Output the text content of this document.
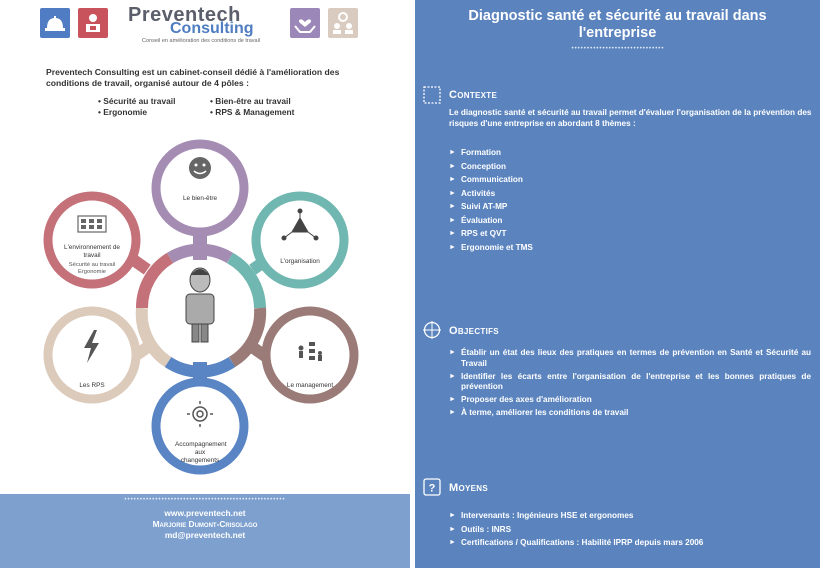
Preventech
Consulting
Conseil en amélioration des conditions de travail
Preventech Consulting est un cabinet-conseil dédié à l'amélioration des conditions de travail, organisé autour de 4 pôles :
• Sécurité au travail
• Ergonomie
• Bien-être au travail
• RPS & Management
Le bien-être
L'organisation
Le management
Accompagnement aux changements
Les RPS
L'environnement de travail
Sécurité au travail
Ergonomie
••••••••••••••••••••••••••••••••••••••••••••••••••••
www.preventech.net
Marjorie Dumont-Crisolago
md@preventech.net
Diagnostic santé et sécurité au travail dans
l'entreprise
••••••••••••••••••••••••••••••
Contexte
Le diagnostic santé et sécurité au travail permet d'évaluer l'organisation de la prévention des risques d'une entreprise en abordant 8 thèmes :
► Formation
► Conception
► Communication
► Activités
► Suivi AT-MP
► Évaluation
► RPS et QVT
► Ergonomie et TMS
Objectifs
► Établir un état des lieux des pratiques en termes de prévention en Santé et Sécurité au Travail
► Identifier les écarts entre l'organisation de l'entreprise et les bonnes pratiques de prévention
► Proposer des axes d'amélioration
► À terme, améliorer les conditions de travail
? Moyens
► Intervenants : Ingénieurs HSE et ergonomes
► Outils : INRS
► Certifications / Qualifications : Habilité IPRP depuis mars 2006
